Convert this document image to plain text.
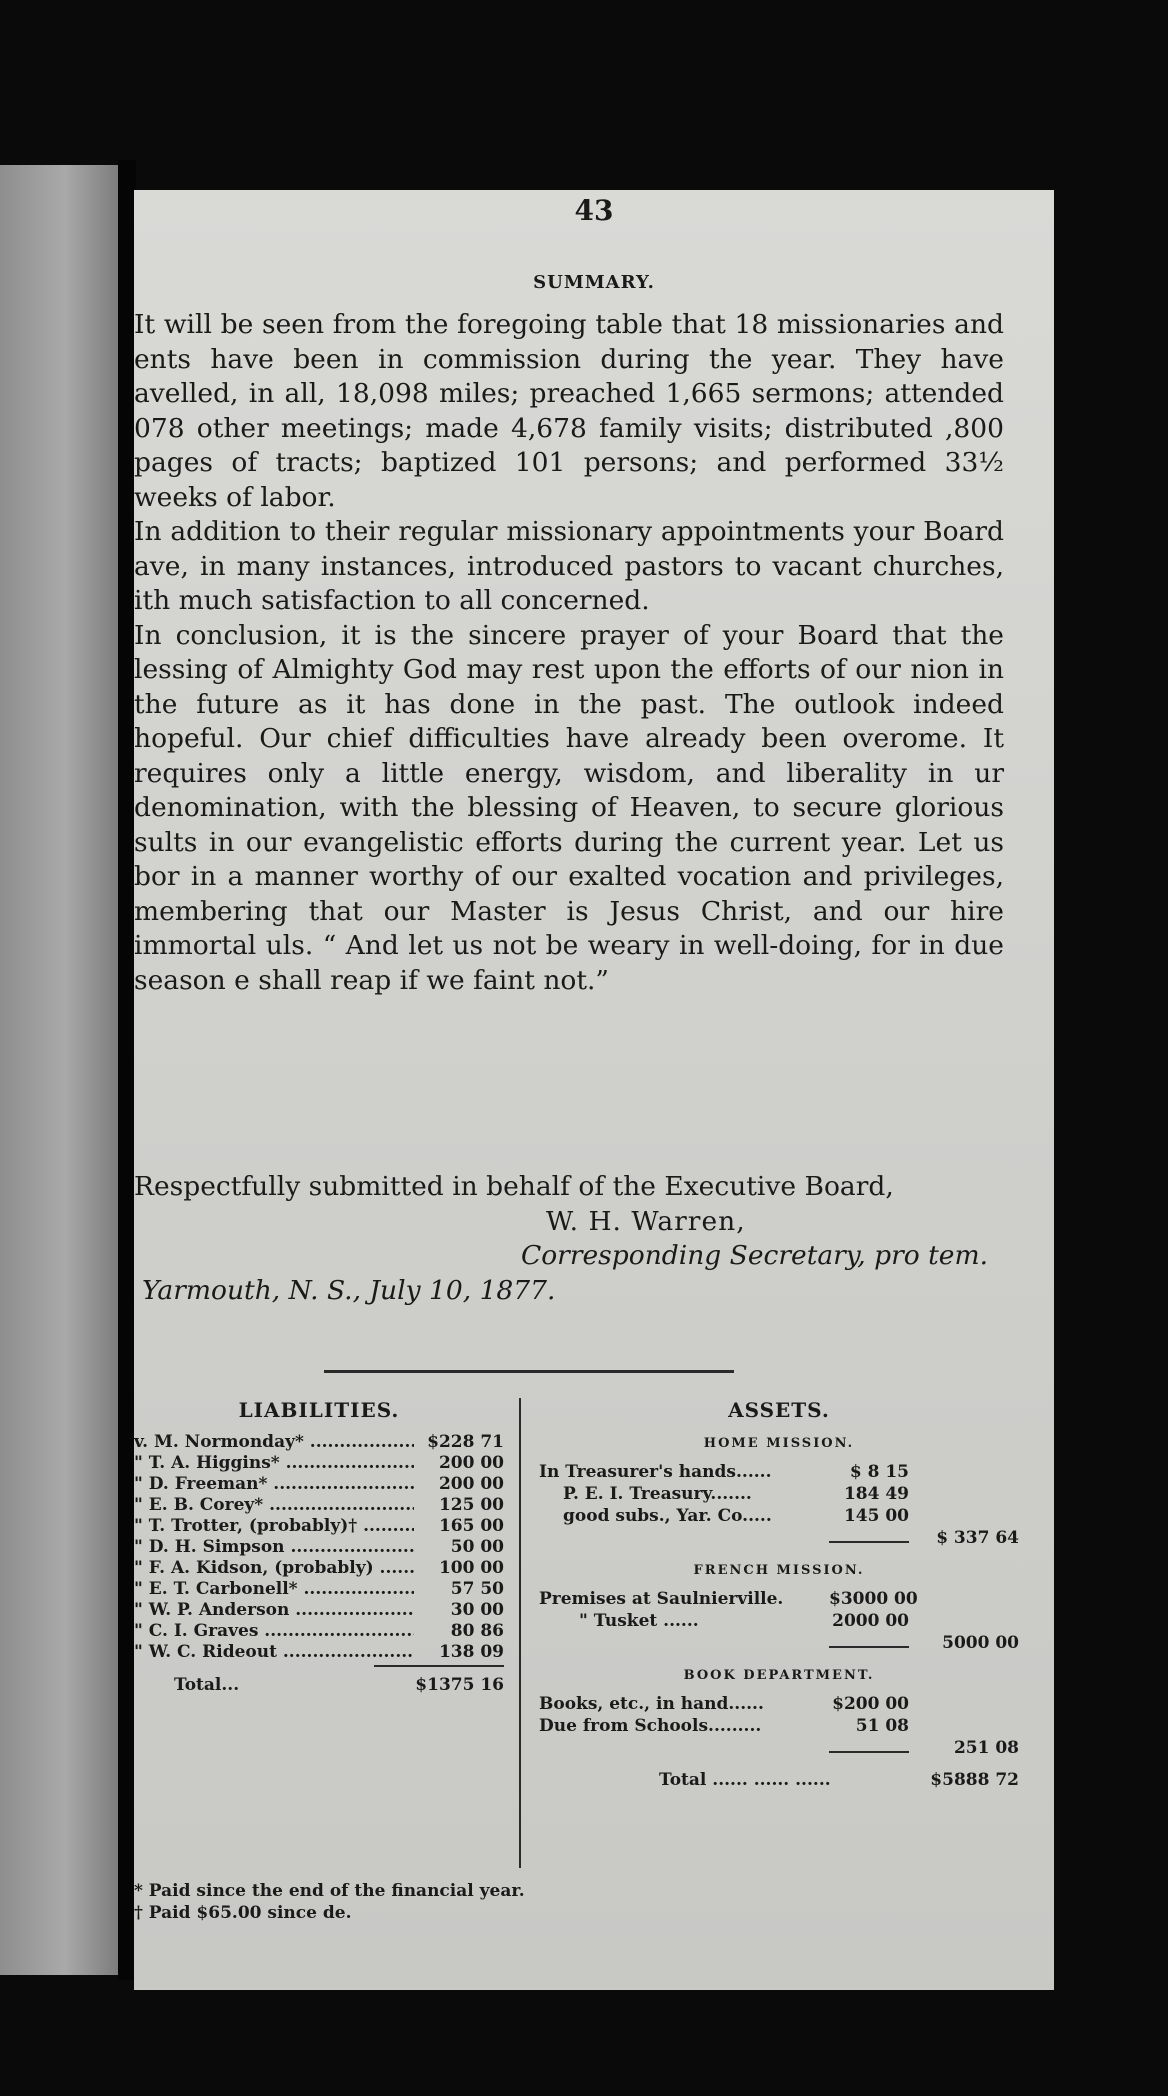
43
SUMMARY.

It will be seen from the foregoing table that 18 missionaries and ents have been in commission during the year. They have avelled, in all, 18,098 miles; preached 1,665 sermons; attended 078 other meetings; made 4,678 family visits; distributed ,800 pages of tracts; baptized 101 persons; and performed 33½ weeks of labor.

In addition to their regular missionary appointments your Board ave, in many instances, introduced pastors to vacant churches, ith much satisfaction to all concerned.

In conclusion, it is the sincere prayer of your Board that the lessing of Almighty God may rest upon the efforts of our nion in the future as it has done in the past. The outlook indeed hopeful. Our chief difficulties have already been overome. It requires only a little energy, wisdom, and liberality in ur denomination, with the blessing of Heaven, to secure glorious sults in our evangelistic efforts during the current year. Let us bor in a manner worthy of our exalted vocation and privileges, membering that our Master is Jesus Christ, and our hire immortal uls. “ And let us not be weary in well-doing, for in due season e shall reap if we faint not.”

Respectfully submitted in behalf of the Executive Board,

W. H. Warren,

Corresponding Secretary, pro tem.

Yarmouth, N. S., July 10, 1877.

LIABILITIES.

v. M. Normonday* .....	$228 71
" T. A. Higgins* .....	200 00
" D. Freeman* .....	200 00
" E. B. Corey* .....	125 00
" T. Trotter, (probably)† .....	165 00
" D. H. Simpson .....	50 00
" F. A. Kidson, (probably) .....	100 00
" E. T. Carbonell* .....	57 50
" W. P. Anderson .....	30 00
" C. I. Graves .....	80 86
" W. C. Rideout .....	138 09
Total...	$1375 16

ASSETS.

HOME MISSION.

In Treasurer's hands......	$ 8 15
P. E. I. Treasury.......	184 49
good subs., Yar. Co.....	145 00
$ 337 64

FRENCH MISSION.

Premises at Saulnierville.	$3000 00
" Tusket ......	2000 00
5000 00

BOOK DEPARTMENT.

Books, etc., in hand......	$200 00
Due from Schools.........	51 08
251 08
Total ...... ...... ......	$5888 72

* Paid since the end of the financial year.

† Paid $65.00 since de.
